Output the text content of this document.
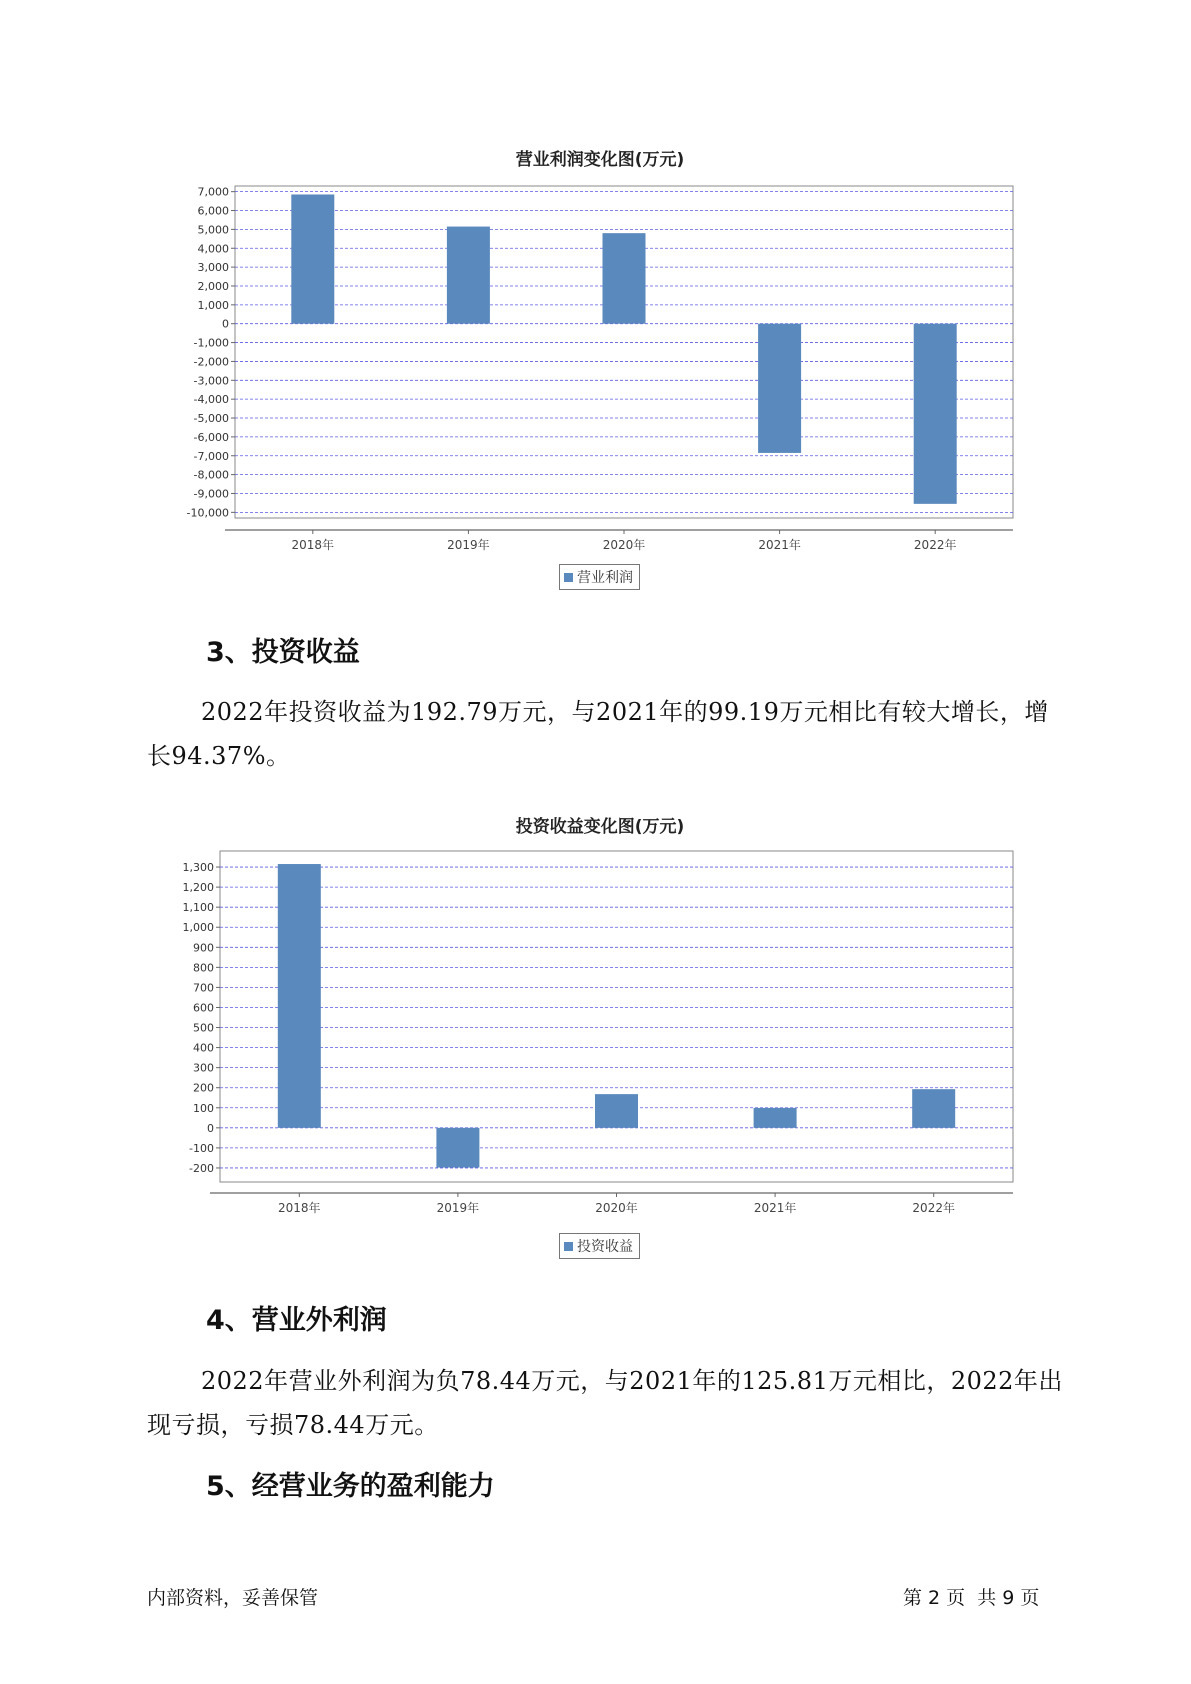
营业利润变化图(万元)
7,000
6,000
5,000
4,000
3,000
2,000
1,000
0
-1,000
-2,000
-3,000
-4,000
-5,000
-6,000
-7,000
-8,000
-9,000
-10,000
2018年	2019年	2020年	2021年	2022年
营业利润
3、投资收益
2022年投资收益为192.79万元，与2021年的99.19万元相比有较大增长，增长94.37%。
投资收益变化图(万元)
1,300
1,200
1,100
1,000
900
800
700
600
500
400
300
200
100
0
-100
-200
2018年	2019年	2020年	2021年	2022年
投资收益
4、营业外利润
2022年营业外利润为负78.44万元，与2021年的125.81万元相比，2022年出现亏损，亏损78.44万元。
5、经营业务的盈利能力
内部资料，妥善保管	第 2 页  共 9 页
